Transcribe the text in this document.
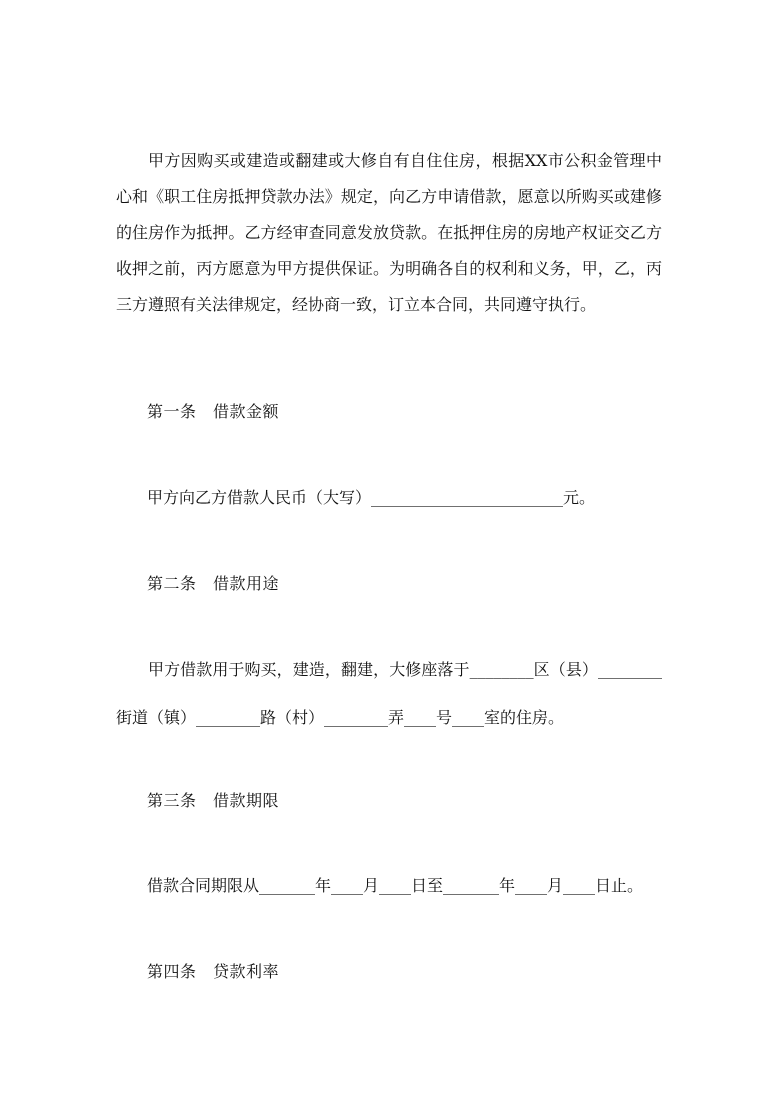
甲方因购买或建造或翻建或大修自有自住住房，根据XX市公积金管理中心和《职工住房抵押贷款办法》规定，向乙方申请借款，愿意以所购买或建修的住房作为抵押。乙方经审查同意发放贷款。在抵押住房的房地产权证交乙方收押之前，丙方愿意为甲方提供保证。为明确各自的权利和义务，甲，乙，丙三方遵照有关法律规定，经协商一致，订立本合同，共同遵守执行。

第一条　借款金额

甲方向乙方借款人民币（大写）________________________元。

第二条　借款用途

甲方借款用于购买，建造，翻建，大修座落于________区（县）________街道（镇）________路（村）________弄____号____室的住房。

第三条　借款期限

借款合同期限从_______年____月____日至_______年____月____日止。

第四条　贷款利率
